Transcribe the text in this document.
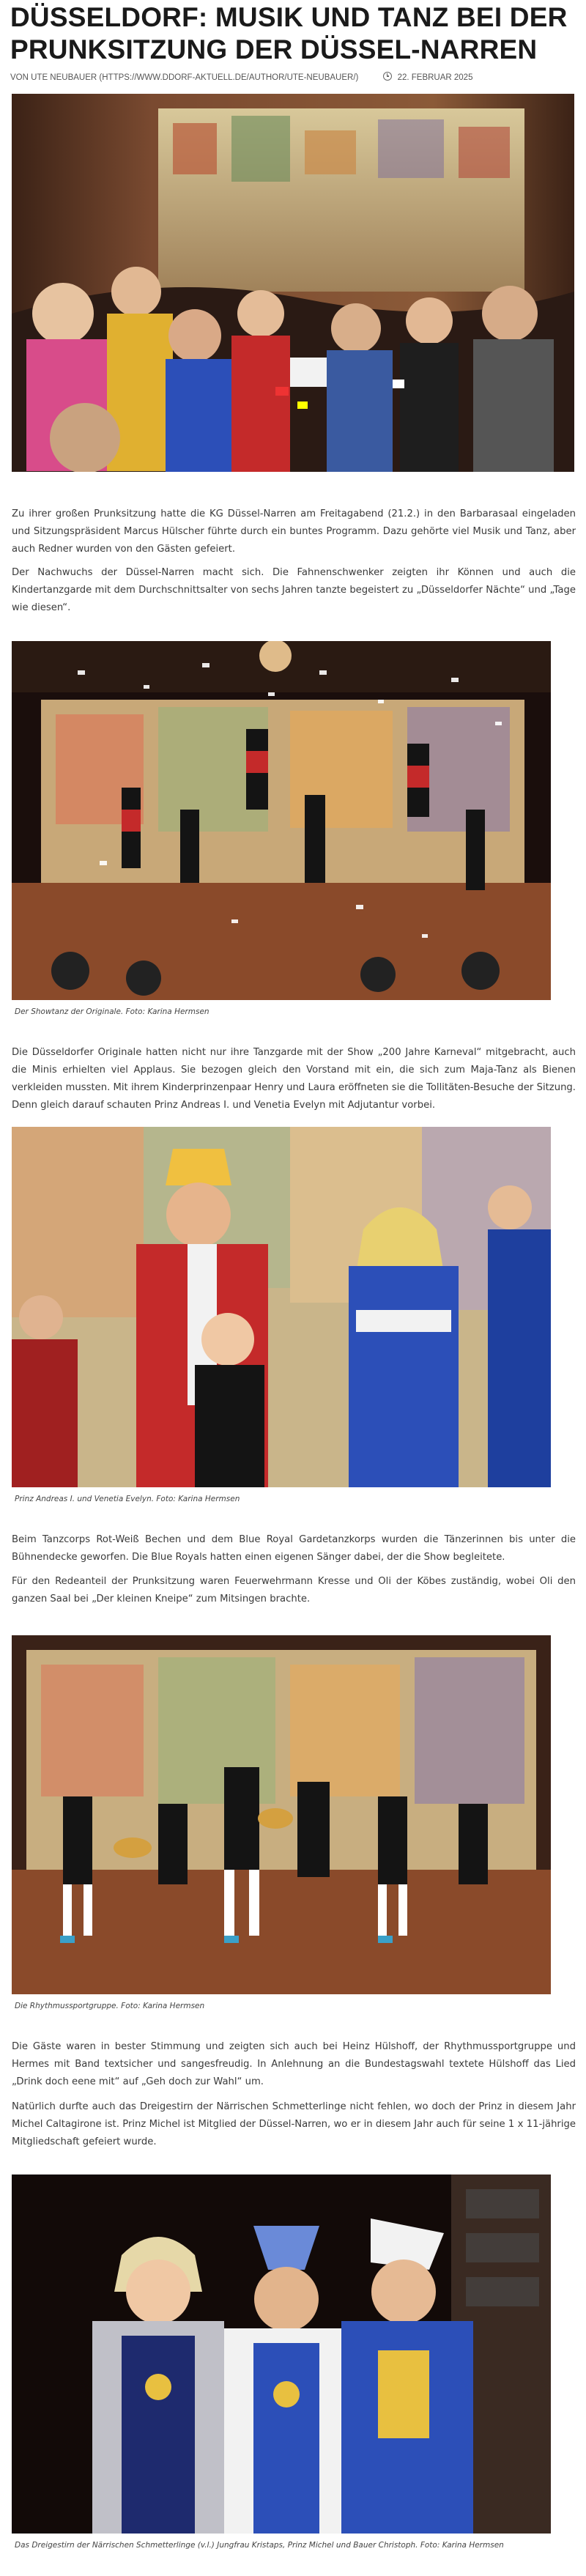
DÜSSELDORF: MUSIK UND TANZ BEI DER PRUNKSITZUNG DER DÜSSEL-NARREN
VON UTE NEUBAUER (HTTPS://WWW.DDORF-AKTUELL.DE/AUTHOR/UTE-NEUBAUER/)	22. FEBRUAR 2025

Zu ihrer großen Prunksitzung hatte die KG Düssel-Narren am Freitagabend (21.2.) in den Barbarasaal eingeladen und Sitzungspräsident Marcus Hülscher führte durch ein buntes Programm. Dazu gehörte viel Musik und Tanz, aber auch Redner wurden von den Gästen gefeiert.

Der Nachwuchs der Düssel-Narren macht sich. Die Fahnenschwenker zeigten ihr Können und auch die Kindertanzgarde mit dem Durchschnittsalter von sechs Jahren tanzte begeistert zu „Düsseldorfer Nächte“ und „Tage wie diesen“.

Der Showtanz der Originale. Foto: Karina Hermsen

Die Düsseldorfer Originale hatten nicht nur ihre Tanzgarde mit der Show „200 Jahre Karneval“ mitgebracht, auch die Minis erhielten viel Applaus. Sie bezogen gleich den Vorstand mit ein, die sich zum Maja-Tanz als Bienen verkleiden mussten. Mit ihrem Kinderprinzenpaar Henry und Laura eröffneten sie die Tollitäten-Besuche der Sitzung. Denn gleich darauf schauten Prinz Andreas I. und Venetia Evelyn mit Adjutantur vorbei.

Prinz Andreas I. und Venetia Evelyn. Foto: Karina Hermsen

Beim Tanzcorps Rot-Weiß Bechen und dem Blue Royal Gardetanzkorps wurden die Tänzerinnen bis unter die Bühnendecke geworfen. Die Blue Royals hatten einen eigenen Sänger dabei, der die Show begleitete.

Für den Redeanteil der Prunksitzung waren Feuerwehrmann Kresse und Oli der Köbes zuständig, wobei Oli den ganzen Saal bei „Der kleinen Kneipe“ zum Mitsingen brachte.

Die Rhythmussportgruppe. Foto: Karina Hermsen

Die Gäste waren in bester Stimmung und zeigten sich auch bei Heinz Hülshoff, der Rhythmussportgruppe und Hermes mit Band textsicher und sangesfreudig. In Anlehnung an die Bundestagswahl textete Hülshoff das Lied „Drink doch eene mit“ auf „Geh doch zur Wahl“ um.

Natürlich durfte auch das Dreigestirn der Närrischen Schmetterlinge nicht fehlen, wo doch der Prinz in diesem Jahr Michel Caltagirone ist. Prinz Michel ist Mitglied der Düssel-Narren, wo er in diesem Jahr auch für seine 1 x 11-jährige Mitgliedschaft gefeiert wurde.

Das Dreigestirn der Närrischen Schmetterlinge (v.l.) Jungfrau Kristaps, Prinz Michel und Bauer Christoph. Foto: Karina Hermsen
